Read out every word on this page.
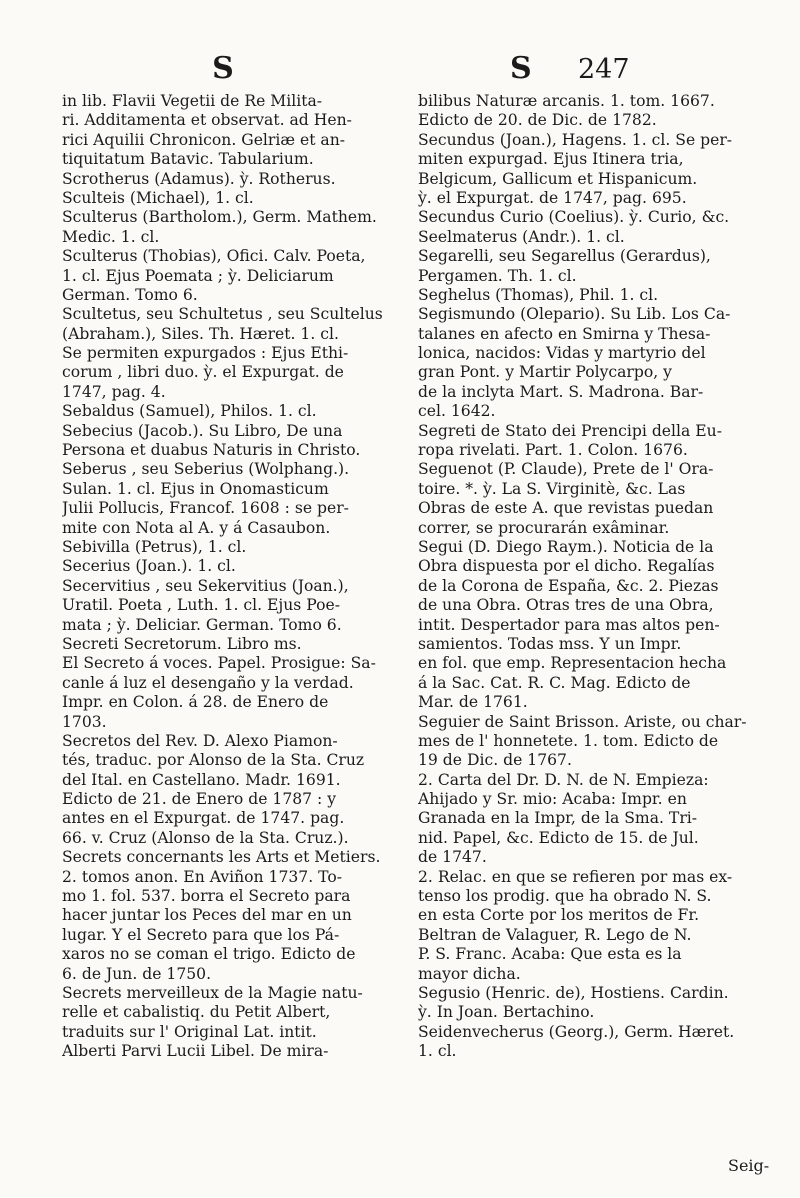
S	S 247
in lib. Flavii Vegetii de Re Milita-
ri. Additamenta et observat. ad Hen-
rici Aquilii Chronicon. Gelriæ et an-
tiquitatum Batavic. Tabularium.
Scrotherus (Adamus). ỳ. Rotherus.
Sculteis (Michael), 1. cl.
Sculterus (Bartholom.), Germ. Mathem.
Medic. 1. cl.
Sculterus (Thobias), Ofici. Calv. Poeta,
1. cl. Ejus Poemata ; ỳ. Deliciarum
German. Tomo 6.
Scultetus, seu Schultetus , seu Scultelus
(Abraham.), Siles. Th. Hæret. 1. cl.
Se permiten expurgados : Ejus Ethi-
corum , libri duo. ỳ. el Expurgat. de
1747, pag. 4.
Sebaldus (Samuel), Philos. 1. cl.
Sebecius (Jacob.). Su Libro, De una
Persona et duabus Naturis in Christo.
Seberus , seu Seberius (Wolphang.).
Sulan. 1. cl. Ejus in Onomasticum
Julii Pollucis, Francof. 1608 : se per-
mite con Nota al A. y á Casaubon.
Sebivilla (Petrus), 1. cl.
Secerius (Joan.). 1. cl.
Secervitius , seu Sekervitius (Joan.),
Uratil. Poeta , Luth. 1. cl. Ejus Poe-
mata ; ỳ. Deliciar. German. Tomo 6.
Secreti Secretorum. Libro ms.
El Secreto á voces. Papel. Prosigue: Sa-
canle á luz el desengaño y la verdad.
Impr. en Colon. á 28. de Enero de
1703.
Secretos del Rev. D. Alexo Piamon-
tés, traduc. por Alonso de la Sta. Cruz
del Ital. en Castellano. Madr. 1691.
Edicto de 21. de Enero de 1787 : y
antes en el Expurgat. de 1747. pag.
66. v. Cruz (Alonso de la Sta. Cruz.).
Secrets concernants les Arts et Metiers.
2. tomos anon. En Aviñon 1737. To-
mo 1. fol. 537. borra el Secreto para
hacer juntar los Peces del mar en un
lugar. Y el Secreto para que los Pá-
xaros no se coman el trigo. Edicto de
6. de Jun. de 1750.
Secrets merveilleux de la Magie natu-
relle et cabalistiq. du Petit Albert,
traduits sur l' Original Lat. intit.
Alberti Parvi Lucii Libel. De mira-
bilibus Naturæ arcanis. 1. tom. 1667.
Edicto de 20. de Dic. de 1782.
Secundus (Joan.), Hagens. 1. cl. Se per-
miten expurgad. Ejus Itinera tria,
Belgicum, Gallicum et Hispanicum.
ỳ. el Expurgat. de 1747, pag. 695.
Secundus Curio (Coelius). ỳ. Curio, &c.
Seelmaterus (Andr.). 1. cl.
Segarelli, seu Segarellus (Gerardus),
Pergamen. Th. 1. cl.
Seghelus (Thomas), Phil. 1. cl.
Segismundo (Olepario). Su Lib. Los Ca-
talanes en afecto en Smirna y Thesa-
lonica, nacidos: Vidas y martyrio del
gran Pont. y Martir Polycarpo, y
de la inclyta Mart. S. Madrona. Bar-
cel. 1642.
Segreti de Stato dei Prencipi della Eu-
ropa rivelati. Part. 1. Colon. 1676.
Seguenot (P. Claude), Prete de l' Ora-
toire. *. ỳ. La S. Virginitè, &c. Las
Obras de este A. que revistas puedan
correr, se procurarán exâminar.
Segui (D. Diego Raym.). Noticia de la
Obra dispuesta por el dicho. Regalías
de la Corona de España, &c. 2. Piezas
de una Obra. Otras tres de una Obra,
intit. Despertador para mas altos pen-
samientos. Todas mss. Y un Impr.
en fol. que emp. Representacion hecha
á la Sac. Cat. R. C. Mag. Edicto de
Mar. de 1761.
Seguier de Saint Brisson. Ariste, ou char-
mes de l' honnetete. 1. tom. Edicto de
19 de Dic. de 1767.
2. Carta del Dr. D. N. de N. Empieza:
Ahijado y Sr. mio: Acaba: Impr. en
Granada en la Impr, de la Sma. Tri-
nid. Papel, &c. Edicto de 15. de Jul.
de 1747.
2. Relac. en que se refieren por mas ex-
tenso los prodig. que ha obrado N. S.
en esta Corte por los meritos de Fr.
Beltran de Valaguer, R. Lego de N.
P. S. Franc. Acaba: Que esta es la
mayor dicha.
Segusio (Henric. de), Hostiens. Cardin.
ỳ. In Joan. Bertachino.
Seidenvecherus (Georg.), Germ. Hæret.
1. cl.
Seig-
